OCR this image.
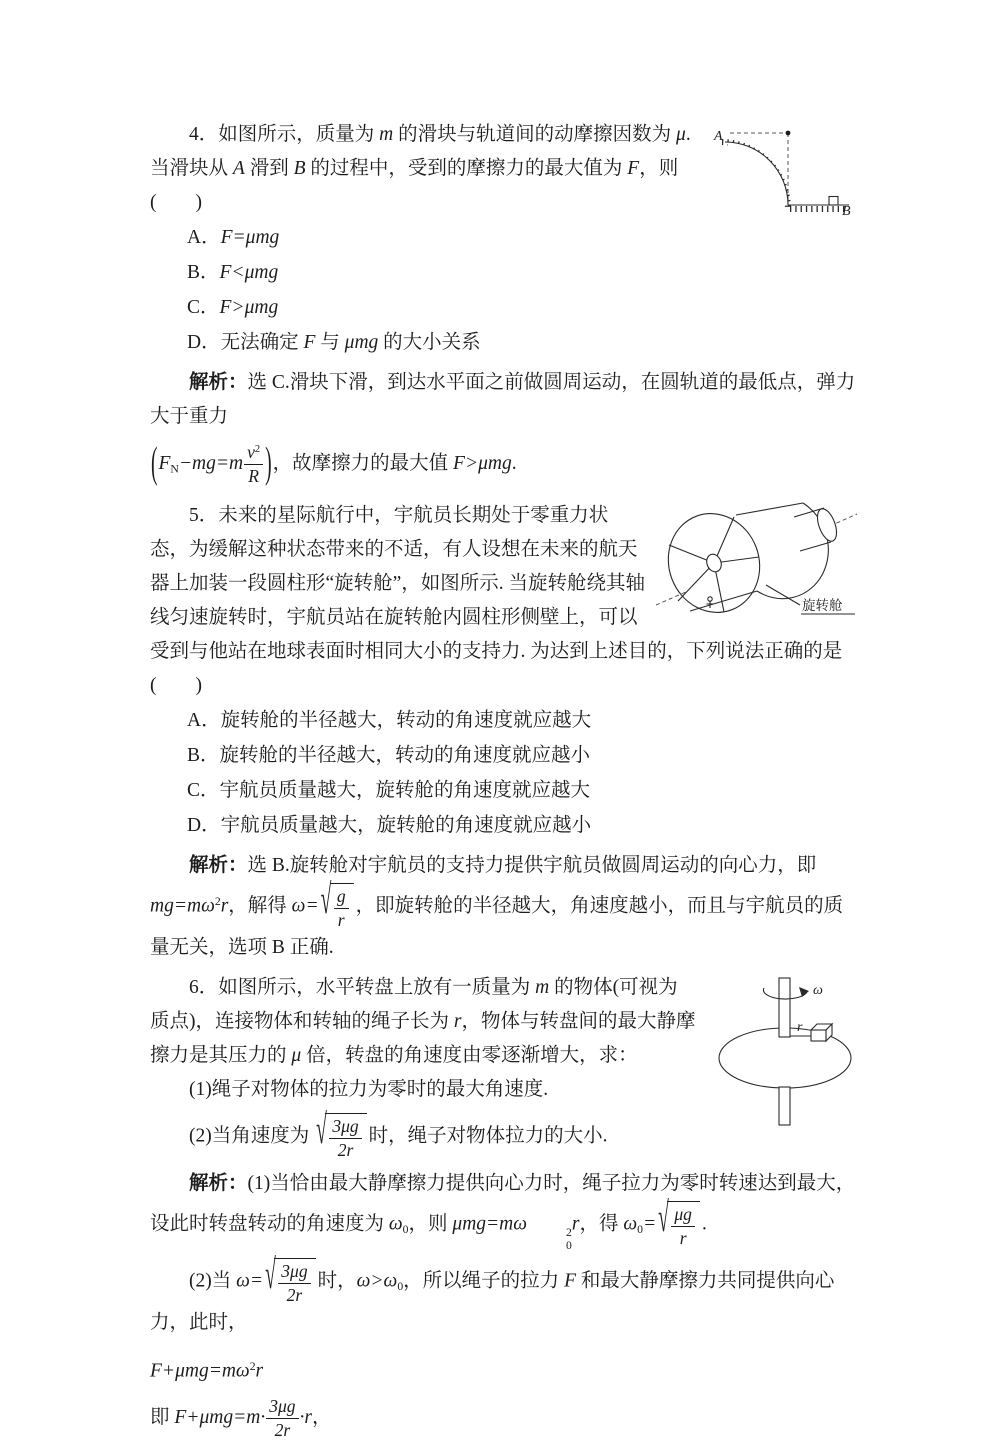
A
B

4．如图所示，质量为 m 的滑块与轨道间的动摩擦因数为 μ. 当滑块从 A 滑到 B 的过程中，受到的摩擦力的最大值为 F，则(　　)

A．F=μmg

B．F<μmg

C．F>μmg

D．无法确定 F 与 μmg 的大小关系

解析：选 C.滑块下滑，到达水平面之前做圆周运动，在圆轨道的最低点，弹力大于重力

($F_N-mg=m \frac{v^2}{R}$ )，故摩擦力的最大值 F>μmg.

旋转舱

5．未来的星际航行中，宇航员长期处于零重力状态，为缓解这种状态带来的不适，有人设想在未来的航天器上加装一段圆柱形“旋转舱”，如图所示. 当旋转舱绕其轴线匀速旋转时，宇航员站在旋转舱内圆柱形侧壁上，可以受到与他站在地球表面时相同大小的支持力. 为达到上述目的，下列说法正确的是(　　)

A．旋转舱的半径越大，转动的角速度就应越大

B．旋转舱的半径越大，转动的角速度就应越小

C．宇航员质量越大，旋转舱的角速度就应越大

D．宇航员质量越大，旋转舱的角速度就应越小

解析：选 B.旋转舱对宇航员的支持力提供宇航员做圆周运动的向心力，即 $mg=m\omega^2r$，解得 ω= √ $\frac{g}{r}$ ，即旋转舱的半径越大，角速度越小，而且与宇航员的质量无关，选项 B 正确.

ω
r

6．如图所示，水平转盘上放有一质量为 m 的物体(可视为质点)，连接物体和转轴的绳子长为 r，物体与转盘间的最大静摩擦力是其压力的 μ 倍，转盘的角速度由零逐渐增大，求：

(1)绳子对物体的拉力为零时的最大角速度.

(2)当角速度为 √ $\frac{3\mu g}{2r}$ 时，绳子对物体拉力的大小.

解析：(1)当恰由最大静摩擦力提供向心力时，绳子拉力为零时转速达到最大，设此时转盘转动的角速度为 $\omega_0$，则 μmg=mω	2
0
r，得 $\omega_0=$ √ $\frac{\mu g}{r}$ .

(2)当 ω= √ $\frac{3\mu g}{2r}$ 时，$\omega>\omega_0$，所以绳子的拉力 F 和最大静摩擦力共同提供向心力，此时，

$F+\mu mg=m\omega^2r$

即 $F+\mu mg=m\cdot \frac{3\mu g}{2r} \cdot r$，
